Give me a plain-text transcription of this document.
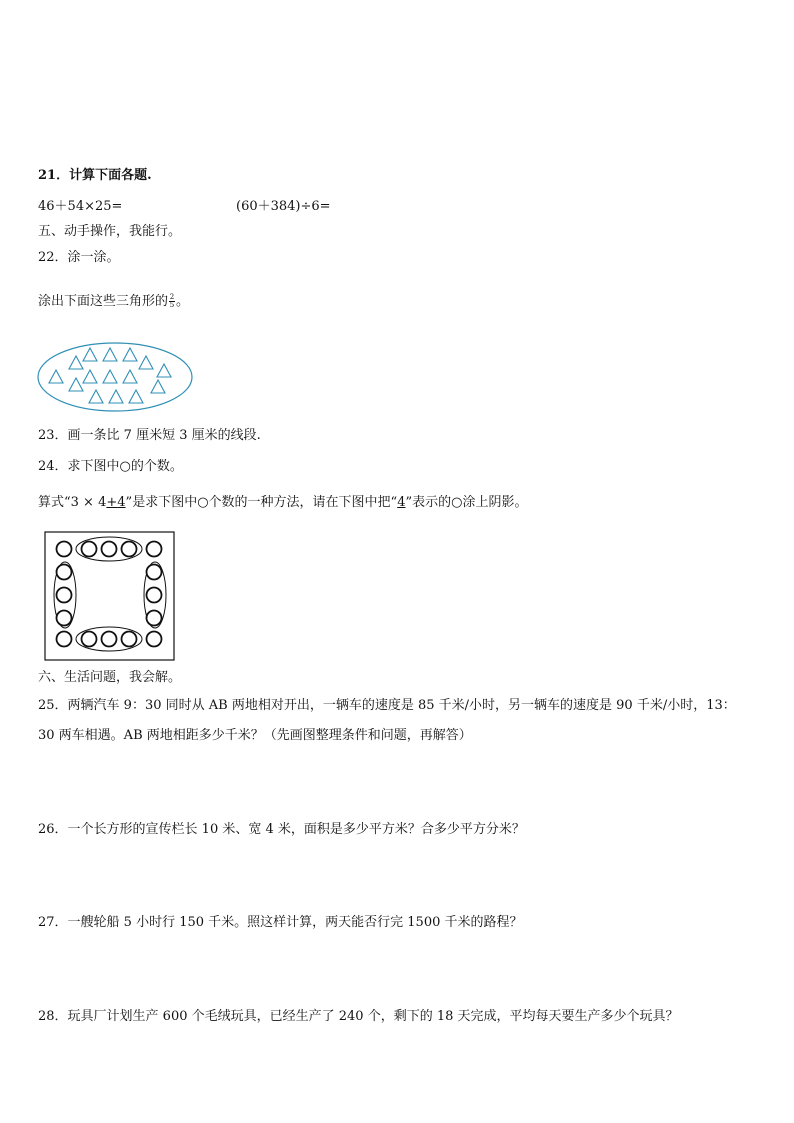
21．计算下面各题.
46＋54×25=	(60＋384)÷6=
五、动手操作，我能行。
22．涂一涂。
涂出下面这些三角形的 $\frac{2}{5}$ 。
23．画一条比 7 厘米短 3 厘米的线段.
24．求下图中○的个数。
算式“3 × 4+4”是求下图中○个数的一种方法，请在下图中把“4”表示的○涂上阴影。
六、生活问题，我会解。
25．两辆汽车 9：30 同时从 AB 两地相对开出，一辆车的速度是 85 千米/小时，另一辆车的速度是 90 千米/小时，13：
30 两车相遇。AB 两地相距多少千米？（先画图整理条件和问题，再解答）
26．一个长方形的宣传栏长 10 米、宽 4 米，面积是多少平方米？合多少平方分米？
27．一艘轮船 5 小时行 150 千米。照这样计算，两天能否行完 1500 千米的路程？
28．玩具厂计划生产 600 个毛绒玩具，已经生产了 240 个，剩下的 18 天完成，平均每天要生产多少个玩具？
